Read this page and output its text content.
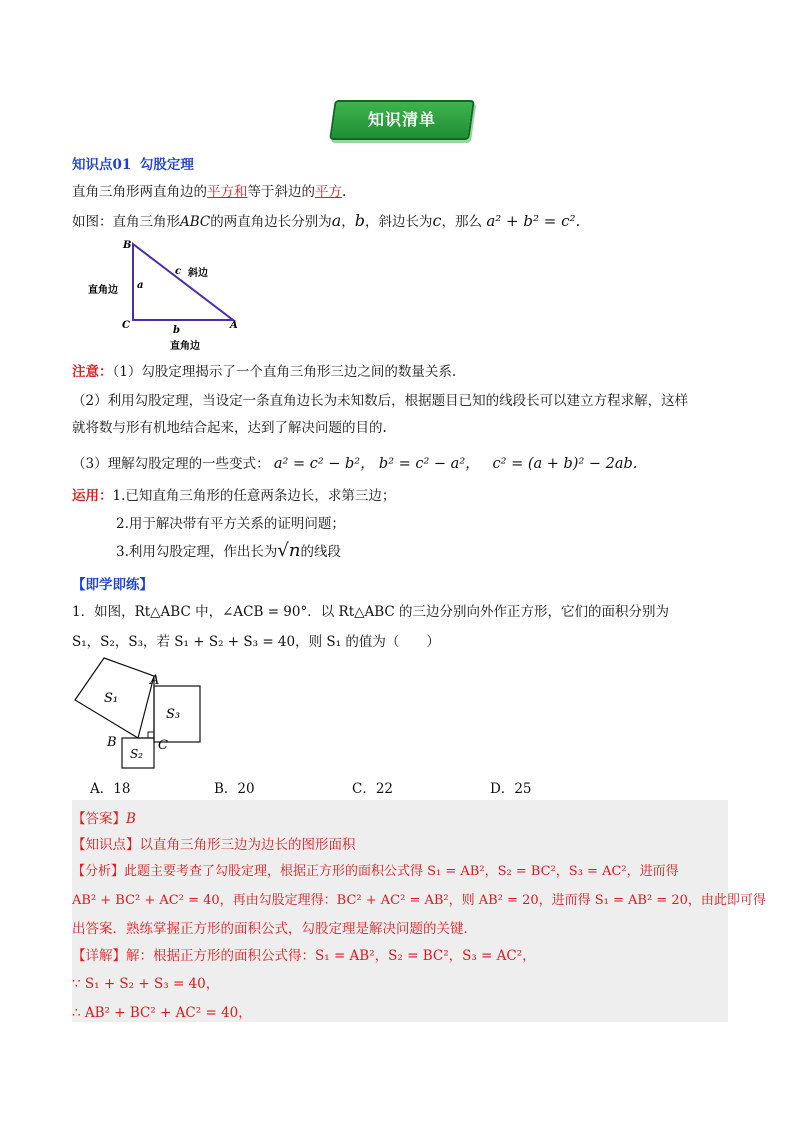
知识清单
知识点01 勾股定理
直角三角形两直角边的平方和等于斜边的平方.
如图：直角三角形ABC的两直角边长分别为a，b，斜边长为c，那么 a² + b² = c².
B
C	A
a
b
c 斜边
直角边
直角边
注意：（1）勾股定理揭示了一个直角三角形三边之间的数量关系.
（2）利用勾股定理，当设定一条直角边长为未知数后，根据题目已知的线段长可以建立方程求解，这样
就将数与形有机地结合起来，达到了解决问题的目的.
（3）理解勾股定理的一些变式： a² = c² − b²， b² = c² − a²， c² = (a + b)² − 2ab.
运用：1.已知直角三角形的任意两条边长，求第三边；
2.用于解决带有平方关系的证明问题；
3.利用勾股定理，作出长为√n的线段
【即学即练】
1．如图，Rt△ABC 中，∠ACB = 90°．以 Rt△ABC 的三边分别向外作正方形，它们的面积分别为
S₁，S₂，S₃，若 S₁ + S₂ + S₃ = 40，则 S₁ 的值为（　　）
S₁
S₃
S₂
A
B	C
A．18	B．20	C．22	D．25
【答案】B
【知识点】以直角三角形三边为边长的图形面积
【分析】此题主要考查了勾股定理，根据正方形的面积公式得 S₁ = AB²，S₂ = BC²，S₃ = AC²，进而得
AB² + BC² + AC² = 40，再由勾股定理得：BC² + AC² = AB²，则 AB² = 20，进而得 S₁ = AB² = 20，由此即可得
出答案．熟练掌握正方形的面积公式，勾股定理是解决问题的关键．
【详解】解：根据正方形的面积公式得：S₁ = AB²，S₂ = BC²，S₃ = AC²，
∵ S₁ + S₂ + S₃ = 40，
∴ AB² + BC² + AC² = 40，
